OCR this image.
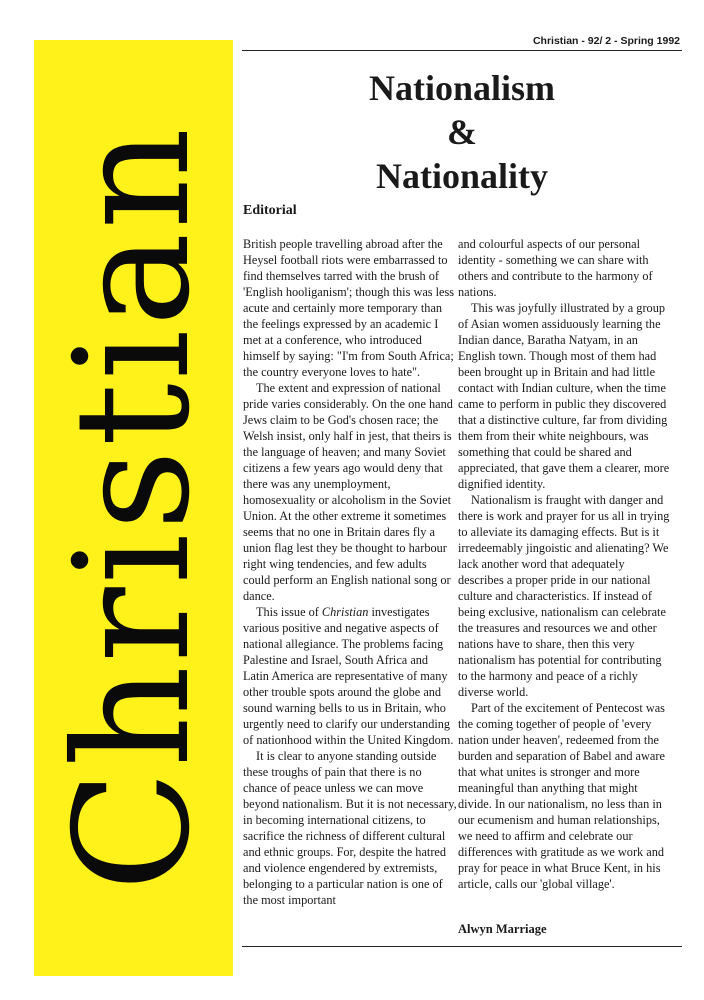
Christian
Christian - 92/ 2 - Spring 1992
Nationalism
&
Nationality
Editorial

British people travelling abroad after the Heysel football riots were embarrassed to find themselves tarred with the brush of 'English hooliganism'; though this was less acute and certainly more temporary than the feelings expressed by an academic I met at a conference, who introduced himself by saying: "I'm from South Africa; the country everyone loves to hate".

The extent and expression of national pride varies considerably. On the one hand Jews claim to be God's chosen race; the Welsh insist, only half in jest, that theirs is the language of heaven; and many Soviet citizens a few years ago would deny that there was any unemployment, homosexuality or alcoholism in the Soviet Union. At the other extreme it sometimes seems that no one in Britain dares fly a union flag lest they be thought to harbour right wing tendencies, and few adults could perform an English national song or dance.

This issue of Christian investigates various positive and negative aspects of national allegiance. The problems facing Palestine and Israel, South Africa and Latin America are representative of many other trouble spots around the globe and sound warning bells to us in Britain, who urgently need to clarify our understanding of nationhood within the United Kingdom.

It is clear to anyone standing outside these troughs of pain that there is no chance of peace unless we can move beyond nationalism. But it is not necessary, in becoming international citizens, to sacrifice the richness of different cultural and ethnic groups. For, despite the hatred and violence engendered by extremists, belonging to a particular nation is one of the most important

and colourful aspects of our personal identity - something we can share with others and contribute to the harmony of nations.

This was joyfully illustrated by a group of Asian women assiduously learning the Indian dance, Baratha Natyam, in an English town. Though most of them had been brought up in Britain and had little contact with Indian culture, when the time came to perform in public they discovered that a distinctive culture, far from dividing them from their white neighbours, was something that could be shared and appreciated, that gave them a clearer, more dignified identity.

Nationalism is fraught with danger and there is work and prayer for us all in trying to alleviate its damaging effects. But is it irredeemably jingoistic and alienating? We lack another word that adequately describes a proper pride in our national culture and characteristics. If instead of being exclusive, nationalism can celebrate the treasures and resources we and other nations have to share, then this very nationalism has potential for contributing to the harmony and peace of a richly diverse world.

Part of the excitement of Pentecost was the coming together of people of 'every nation under heaven', redeemed from the burden and separation of Babel and aware that what unites is stronger and more meaningful than anything that might divide. In our nationalism, no less than in our ecumenism and human relationships, we need to affirm and celebrate our differences with gratitude as we work and pray for peace in what Bruce Kent, in his article, calls our 'global village'.

Alwyn Marriage
